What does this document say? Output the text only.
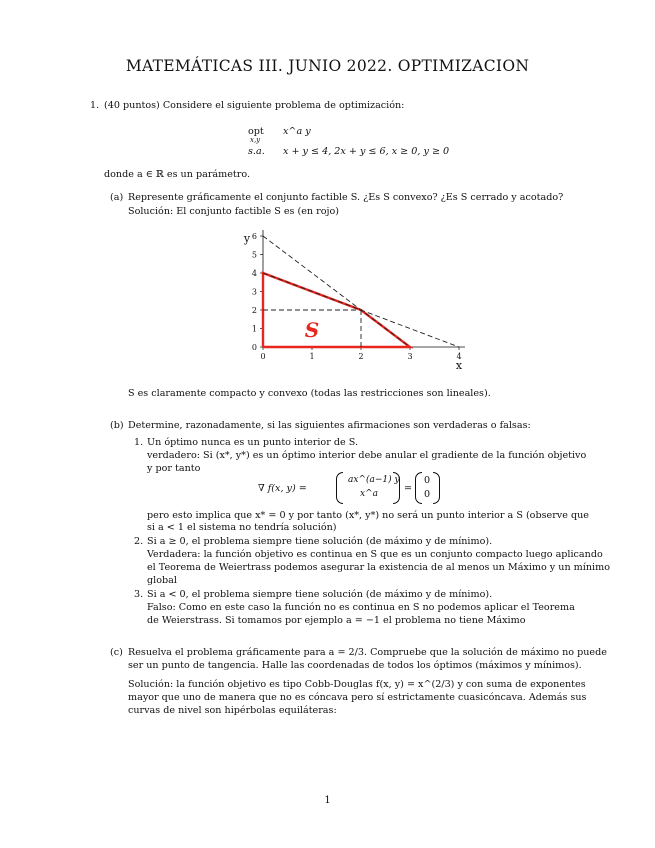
MATEMÁTICAS III. JUNIO 2022. OPTIMIZACION
1. (40 puntos) Considere el siguiente problema de optimización:
opt
x,y
x^a y
s.a. x + y ≤ 4, 2x + y ≤ 6, x ≥ 0, y ≥ 0
donde a ∈ ℝ es un parámetro.
(a) Represente gráficamente el conjunto factible S. ¿Es S convexo? ¿Es S cerrado y acotado?
Solución: El conjunto factible S es (en rojo)
0	1	2	3	4
0
1
2
3
4
5
6
x
y
S
S es claramente compacto y convexo (todas las restricciones son lineales).
(b) Determine, razonadamente, si las siguientes afirmaciones son verdaderas o falsas:
1. Un óptimo nunca es un punto interior de S.
verdadero: Si (x*, y*) es un óptimo interior debe anular el gradiente de la función objetivo
y por tanto
∇ f(x, y) =
ax^(a−1) y
x^a	=
0
0
pero esto implica que x* = 0 y por tanto (x*, y*) no será un punto interior a S (observe que
si a < 1 el sistema no tendría solución)
2. Si a ≥ 0, el problema siempre tiene solución (de máximo y de mínimo).
Verdadera: la función objetivo es continua en S que es un conjunto compacto luego aplicando
el Teorema de Weiertrass podemos asegurar la existencia de al menos un Máximo y un mínimo
global
3. Si a < 0, el problema siempre tiene solución (de máximo y de mínimo).
Falso: Como en este caso la función no es continua en S no podemos aplicar el Teorema
de Weierstrass. Si tomamos por ejemplo a = −1 el problema no tiene Máximo
(c) Resuelva el problema gráficamente para a = 2/3. Compruebe que la solución de máximo no puede
ser un punto de tangencia. Halle las coordenadas de todos los óptimos (máximos y mínimos).
Solución: la función objetivo es tipo Cobb-Douglas f(x, y) = x^(2/3) y con suma de exponentes
mayor que uno de manera que no es cóncava pero sí estrictamente cuasicóncava. Además sus
curvas de nivel son hipérbolas equiláteras:
1
